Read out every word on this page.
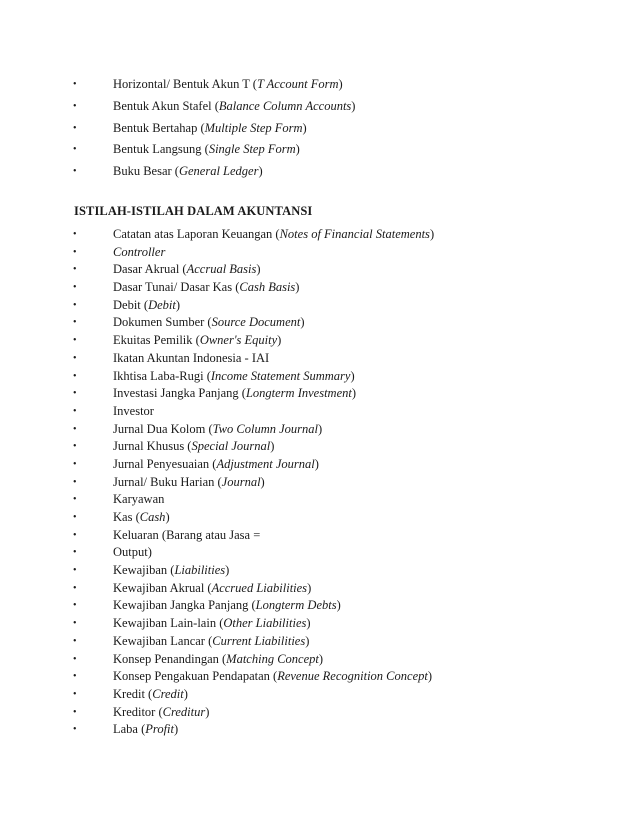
•	Horizontal/ Bentuk Akun T (T Account Form)
•	Bentuk Akun Stafel (Balance Column Accounts)
•	Bentuk Bertahap (Multiple Step Form)
•	Bentuk Langsung (Single Step Form)
•	Buku Besar (General Ledger)
ISTILAH-ISTILAH DALAM AKUNTANSI
•	Catatan atas Laporan Keuangan (Notes of Financial Statements)
•	Controller
•	Dasar Akrual (Accrual Basis)
•	Dasar Tunai/ Dasar Kas (Cash Basis)
•	Debit (Debit)
•	Dokumen Sumber (Source Document)
•	Ekuitas Pemilik (Owner's Equity)
•	Ikatan Akuntan Indonesia - IAI
•	Ikhtisa Laba-Rugi (Income Statement Summary)
•	Investasi Jangka Panjang (Longterm Investment)
•	Investor
•	Jurnal Dua Kolom (Two Column Journal)
•	Jurnal Khusus (Special Journal)
•	Jurnal Penyesuaian (Adjustment Journal)
•	Jurnal/ Buku Harian (Journal)
•	Karyawan
•	Kas (Cash)
•	Keluaran (Barang atau Jasa =
•	Output)
•	Kewajiban (Liabilities)
•	Kewajiban Akrual (Accrued Liabilities)
•	Kewajiban Jangka Panjang (Longterm Debts)
•	Kewajiban Lain-lain (Other Liabilities)
•	Kewajiban Lancar (Current Liabilities)
•	Konsep Penandingan (Matching Concept)
•	Konsep Pengakuan Pendapatan (Revenue Recognition Concept)
•	Kredit (Credit)
•	Kreditor (Creditur)
•	Laba (Profit)
